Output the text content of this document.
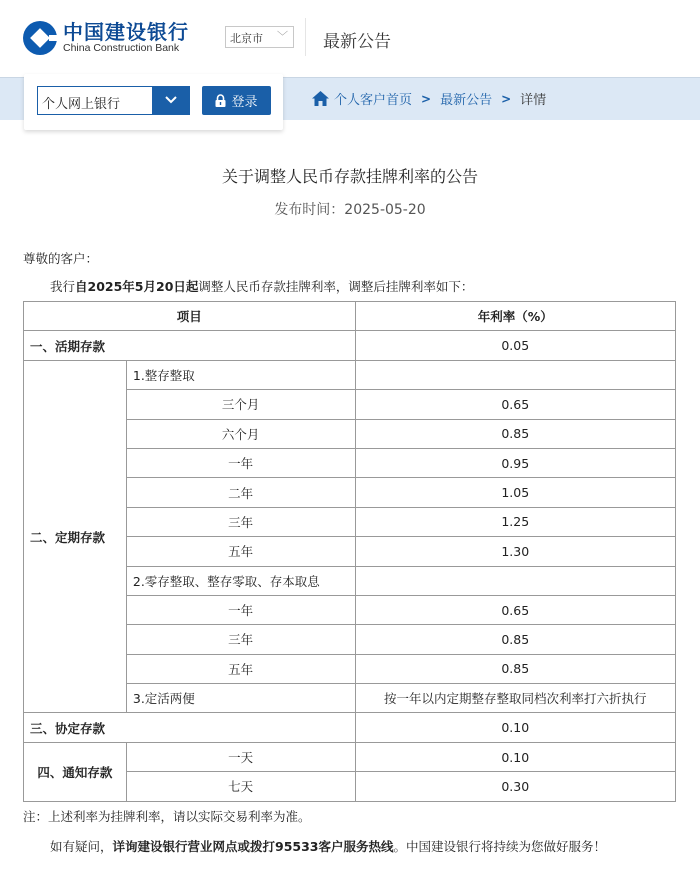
中国建设银行
China Construction Bank
北京市 ﹀ 最新公告
个人网上银行	登录	个人客户首页 > 最新公告 > 详情
关于调整人民币存款挂牌利率的公告
发布时间：2025-05-20
尊敬的客户：
我行自2025年5月20日起调整人民币存款挂牌利率，调整后挂牌利率如下：
项目		年利率（%）
一、活期存款		0.05
二、定期存款	1.整存整取	
	三个月	0.65
	六个月	0.85
	一年	0.95
	二年	1.05
	三年	1.25
	五年	1.30
	2.零存整取、整存零取、存本取息	
	一年	0.65
	三年	0.85
	五年	0.85
	3.定活两便	按一年以内定期整存整取同档次利率打六折执行
三、协定存款		0.10
四、通知存款	一天	0.10
	七天	0.30
注：上述利率为挂牌利率，请以实际交易利率为准。
如有疑问，详询建设银行营业网点或拨打95533客户服务热线。中国建设银行将持续为您做好服务！
